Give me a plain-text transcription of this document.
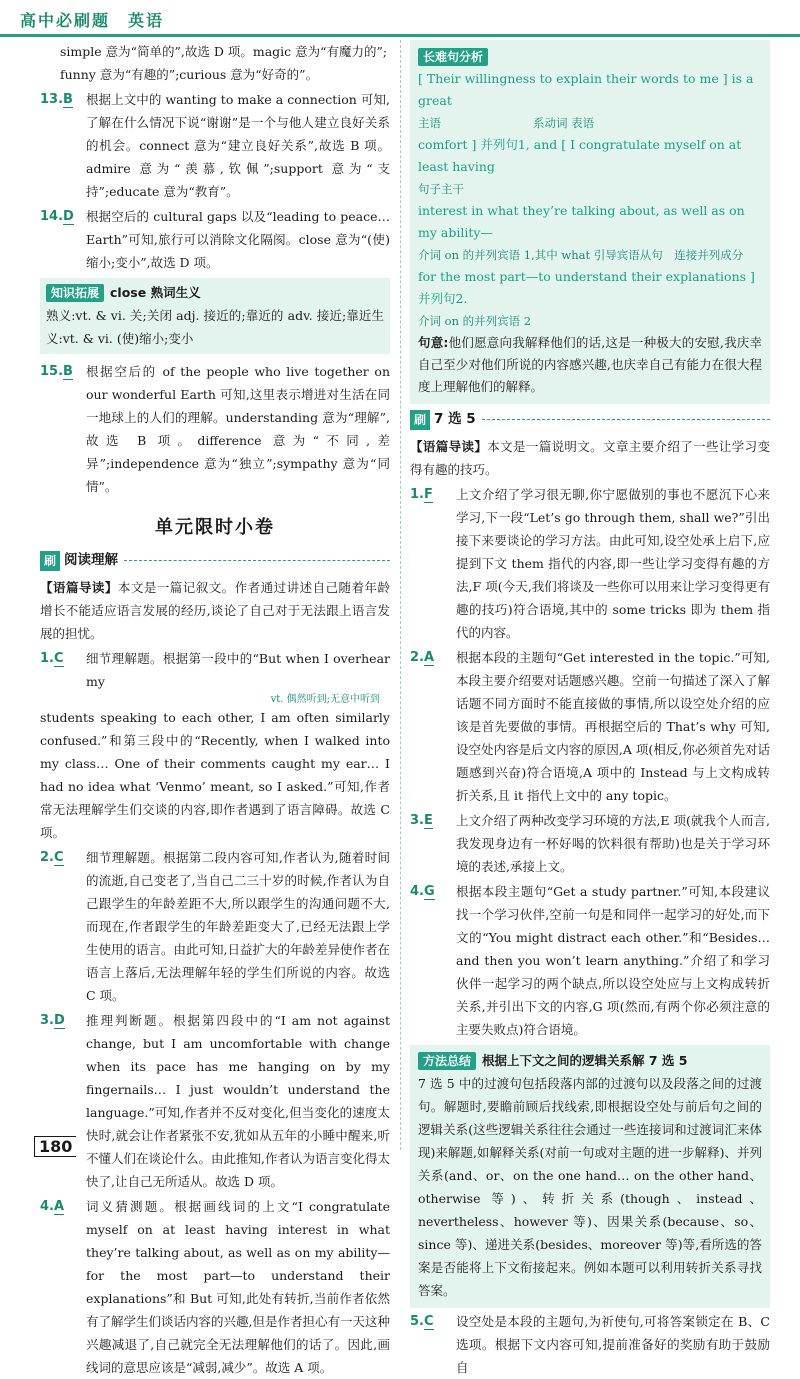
高中必刷题　英语

simple 意为“简单的”,故选 D 项。magic 意为“有魔力的”;

funny 意为“有趣的”;curious 意为“好奇的”。

13.B	根据上文中的 wanting to make a connection 可知,了解在什么情况下说“谢谢”是一个与他人建立良好关系的机会。connect 意为“建立良好关系”,故选 B 项。admire 意为“羡慕,钦佩”;support 意为“支持”;educate 意为“教育”。

14.D 根据空后的 cultural gaps 以及“leading to peace… Earth”可知,旅行可以消除文化隔阂。close 意为“(使)缩小;变小”,故选 D 项。

知识拓展 close 熟词生义

熟义:vt. & vi. 关;关闭 adj. 接近的;靠近的 adv. 接近;靠近生义:vt. & vi. (使)缩小;变小

15.B	根据空后的 of the people who live together on our wonderful Earth 可知,这里表示增进对生活在同一地球上的人们的理解。understanding 意为“理解”,故选 B 项。difference 意为“不同,差异”;independence 意为“独立”;sympathy 意为“同情”。

单元限时小卷
刷 阅读理解

【语篇导读】本文是一篇记叙文。作者通过讲述自己随着年龄增长不能适应语言发展的经历,谈论了自己对于无法跟上语言发展的担忧。

1.C	细节理解题。根据第一段中的“But when I overhear my

vt. 偶然听到;无意中听到

students speaking to each other, I am often similarly confused.”和第三段中的“Recently, when I walked into my class… One of their comments caught my ear… I had no idea what ‘Venmo’ meant, so I asked.”可知,作者常无法理解学生们交谈的内容,即作者遇到了语言障碍。故选 C 项。

2.C	细节理解题。根据第二段内容可知,作者认为,随着时间的流逝,自己变老了,当自己二三十岁的时候,作者认为自己跟学生的年龄差距不大,所以跟学生的沟通问题不大,而现在,作者跟学生的年龄差距变大了,已经无法跟上学生使用的语言。由此可知,日益扩大的年龄差异使作者在语言上落后,无法理解年轻的学生们所说的内容。故选 C 项。

3.D	推理判断题。根据第四段中的“I am not against change, but I am uncomfortable with change when its pace has me hanging on by my fingernails… I just wouldn’t understand the language.”可知,作者并不反对变化,但当变化的速度太快时,就会让作者紧张不安,犹如从五年的小睡中醒来,听不懂人们在谈论什么。由此推知,作者认为语言变化得太快了,让自己无所适从。故选 D 项。

4.A	词义猜测题。根据画线词的上文“I congratulate myself on at least having interest in what they’re talking about, as well as on my ability—for the most part—to understand their explanations”和 But 可知,此处有转折,当前作者依然有了解学生们谈话内容的兴趣,但是作者担心有一天这种兴趣减退了,自己就完全无法理解他们的话了。因此,画线词的意思应该是“减弱,减少”。故选 A 项。

长难句分析
[ Their willingness to explain their words to me ] is a great
主语　　　　　　　　系动词 表语
comfort ] 并列句1, and [ I congratulate myself on at least having
句子主干
interest in what they’re talking about, as well as on my ability—
介词 on 的并列宾语 1,其中 what 引导宾语从句　连接并列成分
for the most part—to understand their explanations ] 并列句2.
介词 on 的并列宾语 2

句意:他们愿意向我解释他们的话,这是一种极大的安慰,我庆幸自己至少对他们所说的内容感兴趣,也庆幸自己有能力在很大程度上理解他们的解释。

刷 7 选 5

【语篇导读】本文是一篇说明文。文章主要介绍了一些让学习变得有趣的技巧。

1.F	上文介绍了学习很无聊,你宁愿做别的事也不愿沉下心来学习,下一段“Let’s go through them, shall we?”引出接下来要谈论的学习方法。由此可知,设空处承上启下,应提到下文 them 指代的内容,即一些让学习变得有趣的方法,F 项(今天,我们将谈及一些你可以用来让学习变得更有趣的技巧)符合语境,其中的 some tricks 即为 them 指代的内容。

2.A	根据本段的主题句“Get interested in the topic.”可知,本段主要介绍要对话题感兴趣。空前一句描述了深入了解话题不同方面时不能直接做的事情,所以设空处介绍的应该是首先要做的事情。再根据空后的 That’s why 可知,设空处内容是后文内容的原因,A 项(相反,你必须首先对话题感到兴奋)符合语境,A 项中的 Instead 与上文构成转折关系,且 it 指代上文中的 any topic。

3.E	上文介绍了两种改变学习环境的方法,E 项(就我个人而言,我发现身边有一杯好喝的饮料很有帮助)也是关于学习环境的表述,承接上文。

4.G	根据本段主题句“Get a study partner.”可知,本段建议找一个学习伙伴,空前一句是和同伴一起学习的好处,而下文的“You might distract each other.”和“Besides… and then you won’t learn anything.”介绍了和学习伙伴一起学习的两个缺点,所以设空处应与上文构成转折关系,并引出下文的内容,G 项(然而,有两个你必须注意的主要失败点)符合语境。

方法总结 根据上下文之间的逻辑关系解 7 选 5

7 选 5 中的过渡句包括段落内部的过渡句以及段落之间的过渡句。解题时,要瞻前顾后找线索,即根据设空处与前后句之间的逻辑关系(这些逻辑关系往往会通过一些连接词和过渡词汇来体现)来解题,如解释关系(对前一句或对主题的进一步解释)、并列关系(and、or、on the one hand… on the other hand、otherwise 等)、转折关系(though、instead、nevertheless、however 等)、因果关系(because、so、since 等)、递进关系(besides、moreover 等)等,看所选的答案是否能将上下文衔接起来。例如本题可以利用转折关系寻找答案。

5.C	设空处是本段的主题句,为祈使句,可将答案锁定在 B、C 选项。根据下文内容可知,提前准备好的奖励有助于鼓励自

180
